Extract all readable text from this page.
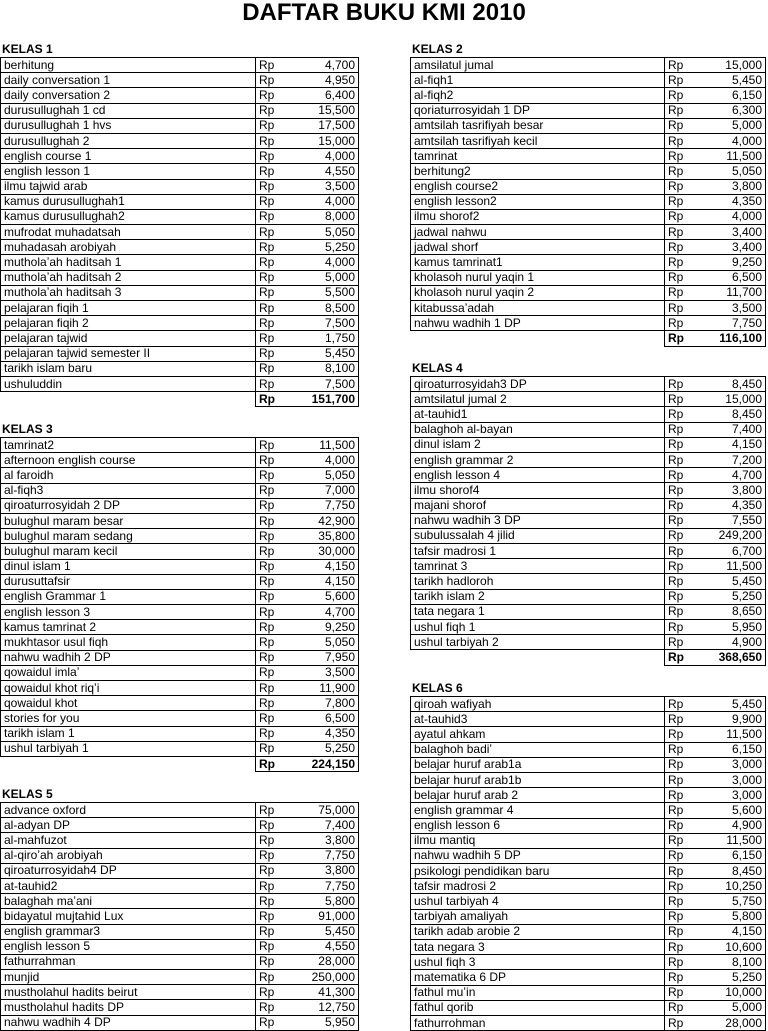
DAFTAR BUKU KMI 2010
KELAS 1
berhitung	Rp	4,700
daily conversation 1	Rp	4,950
daily conversation 2	Rp	6,400
durusullughah 1 cd	Rp	15,500
durusullughah 1 hvs	Rp	17,500
durusullughah 2	Rp	15,000
english course 1	Rp	4,000
english lesson 1	Rp	4,550
ilmu tajwid arab	Rp	3,500
kamus durusullughah1	Rp	4,000
kamus durusullughah2	Rp	8,000
mufrodat muhadatsah	Rp	5,050
muhadasah arobiyah	Rp	5,250
mutholaʼah haditsah 1	Rp	4,000
mutholaʼah haditsah 2	Rp	5,000
mutholaʼah haditsah 3	Rp	5,500
pelajaran fiqih 1	Rp	8,500
pelajaran fiqih 2	Rp	7,500
pelajaran tajwid	Rp	1,750
pelajaran tajwid semester II	Rp	5,450
tarikh islam baru	Rp	8,100
ushuluddin	Rp	7,500
	Rp	151,700
KELAS 2
amsilatul jumal	Rp	15,000
al-fiqh1	Rp	5,450
al-fiqh2	Rp	6,150
qoriaturrosyidah 1 DP	Rp	6,300
amtsilah tasrifiyah besar	Rp	5,000
amtsilah tasrifiyah kecil	Rp	4,000
tamrinat	Rp	11,500
berhitung2	Rp	5,050
english course2	Rp	3,800
english lesson2	Rp	4,350
ilmu shorof2	Rp	4,000
jadwal nahwu	Rp	3,400
jadwal shorf	Rp	3,400
kamus tamrinat1	Rp	9,250
kholasoh nurul yaqin 1	Rp	6,500
kholasoh nurul yaqin 2	Rp	11,700
kitabussaʼadah	Rp	3,500
nahwu wadhih 1 DP	Rp	7,750
	Rp	116,100
KELAS 3
tamrinat2	Rp	11,500
afternoon english course	Rp	4,000
al faroidh	Rp	5,050
al-fiqh3	Rp	7,000
qiroaturrosyidah 2 DP	Rp	7,750
bulughul maram besar	Rp	42,900
bulughul maram sedang	Rp	35,800
bulughul maram kecil	Rp	30,000
dinul islam 1	Rp	4,150
durusuttafsir	Rp	4,150
english Grammar 1	Rp	5,600
english lesson 3	Rp	4,700
kamus tamrinat 2	Rp	9,250
mukhtasor usul fiqh	Rp	5,050
nahwu wadhih 2 DP	Rp	7,950
qowaidul imlaʼ	Rp	3,500
qowaidul khot riqʼi	Rp	11,900
qowaidul khot	Rp	7,800
stories for you	Rp	6,500
tarikh islam 1	Rp	4,350
ushul tarbiyah 1	Rp	5,250
	Rp	224,150
KELAS 4
qiroaturrosyidah3 DP	Rp	8,450
amtsilatul jumal 2	Rp	15,000
at-tauhid1	Rp	8,450
balaghoh al-bayan	Rp	7,400
dinul islam 2	Rp	4,150
english grammar 2	Rp	7,200
english lesson 4	Rp	4,700
ilmu shorof4	Rp	3,800
majani shorof	Rp	4,350
nahwu wadhih 3 DP	Rp	7,550
subulussalah 4 jilid	Rp	249,200
tafsir madrosi 1	Rp	6,700
tamrinat 3	Rp	11,500
tarikh hadloroh	Rp	5,450
tarikh islam 2	Rp	5,250
tata negara 1	Rp	8,650
ushul fiqh 1	Rp	5,950
ushul tarbiyah 2	Rp	4,900
	Rp	368,650
KELAS 5
advance oxford	Rp	75,000
al-adyan DP	Rp	7,400
al-mahfuzot	Rp	3,800
al-qiroʼah arobiyah	Rp	7,750
qiroaturrosyidah4 DP	Rp	3,800
at-tauhid2	Rp	7,750
balaghah maʼani	Rp	5,800
bidayatul mujtahid Lux	Rp	91,000
english grammar3	Rp	5,450
english lesson 5	Rp	4,550
fathurrahman	Rp	28,000
munjid	Rp	250,000
mustholahul hadits beirut	Rp	41,300
mustholahul hadits DP	Rp	12,750
nahwu wadhih 4 DP	Rp	5,950
KELAS 6
qiroah wafiyah	Rp	5,450
at-tauhid3	Rp	9,900
ayatul ahkam	Rp	11,500
balaghoh badiʼ	Rp	6,150
belajar huruf arab1a	Rp	3,000
belajar huruf arab1b	Rp	3,000
belajar huruf arab 2	Rp	3,000
english grammar 4	Rp	5,600
english lesson 6	Rp	4,900
ilmu mantiq	Rp	11,500
nahwu wadhih 5 DP	Rp	6,150
psikologi pendidikan baru	Rp	8,450
tafsir madrosi 2	Rp	10,250
ushul tarbiyah 4	Rp	5,750
tarbiyah amaliyah	Rp	5,800
tarikh adab arobie 2	Rp	4,150
tata negara 3	Rp	10,600
ushul fiqh 3	Rp	8,100
matematika 6 DP	Rp	5,250
fathul muʼin	Rp	10,000
fathul qorib	Rp	5,000
fathurrohman	Rp	28,000
